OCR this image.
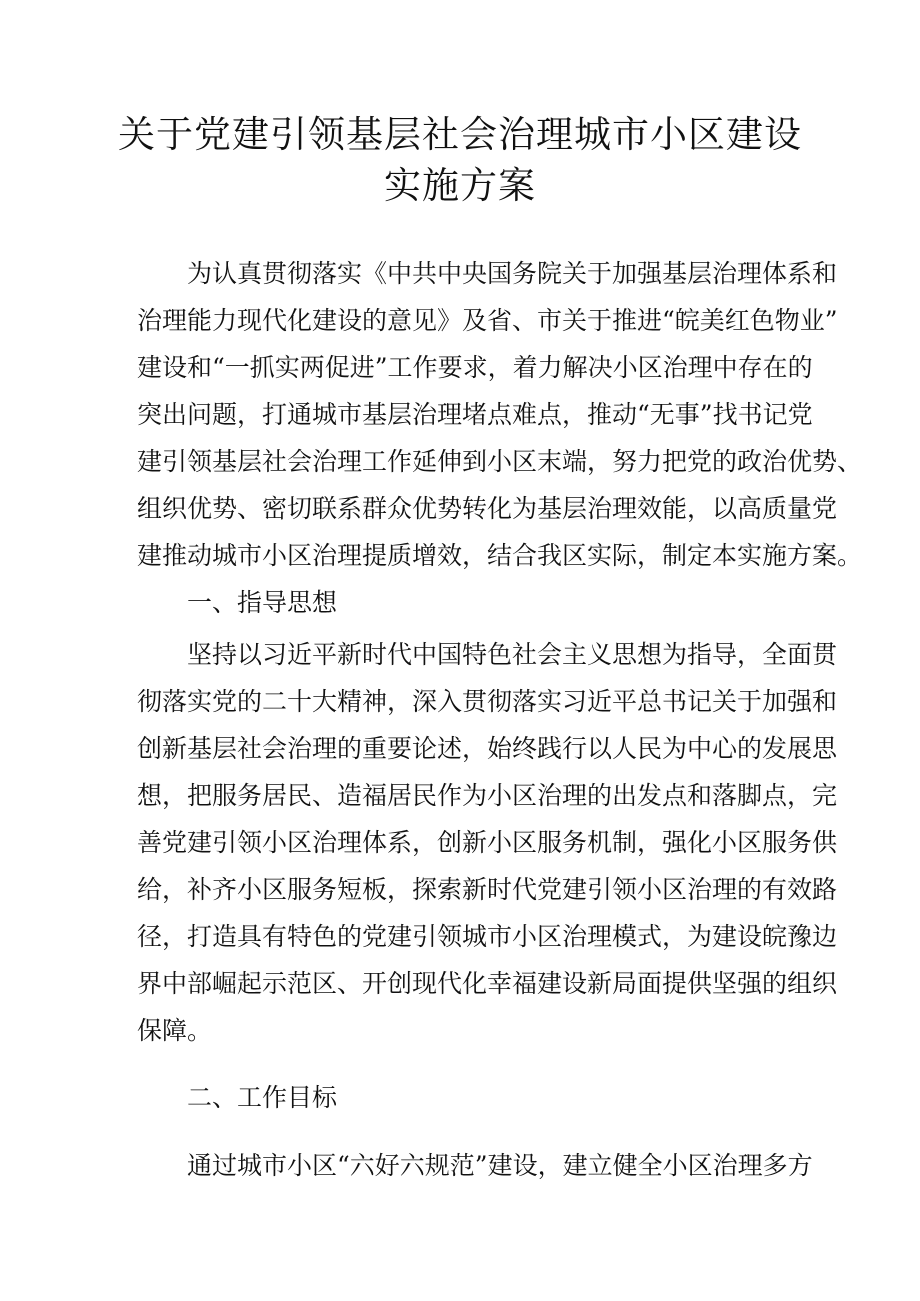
关于党建引领基层社会治理城市小区建设
实施方案
为认真贯彻落实《中共中央国务院关于加强基层治理体系和
治理能力现代化建设的意见》及省、市关于推进“皖美红色物业”
建设和“一抓实两促进”工作要求，着力解决小区治理中存在的
突出问题，打通城市基层治理堵点难点，推动“无事”找书记党
建引领基层社会治理工作延伸到小区末端，努力把党的政治优势、
组织优势、密切联系群众优势转化为基层治理效能，以高质量党
建推动城市小区治理提质增效，结合我区实际，制定本实施方案。
一、指导思想
坚持以习近平新时代中国特色社会主义思想为指导，全面贯
彻落实党的二十大精神，深入贯彻落实习近平总书记关于加强和
创新基层社会治理的重要论述，始终践行以人民为中心的发展思
想，把服务居民、造福居民作为小区治理的出发点和落脚点，完
善党建引领小区治理体系，创新小区服务机制，强化小区服务供
给，补齐小区服务短板，探索新时代党建引领小区治理的有效路
径，打造具有特色的党建引领城市小区治理模式，为建设皖豫边
界中部崛起示范区、开创现代化幸福建设新局面提供坚强的组织
保障。
二、工作目标
通过城市小区“六好六规范”建设，建立健全小区治理多方
